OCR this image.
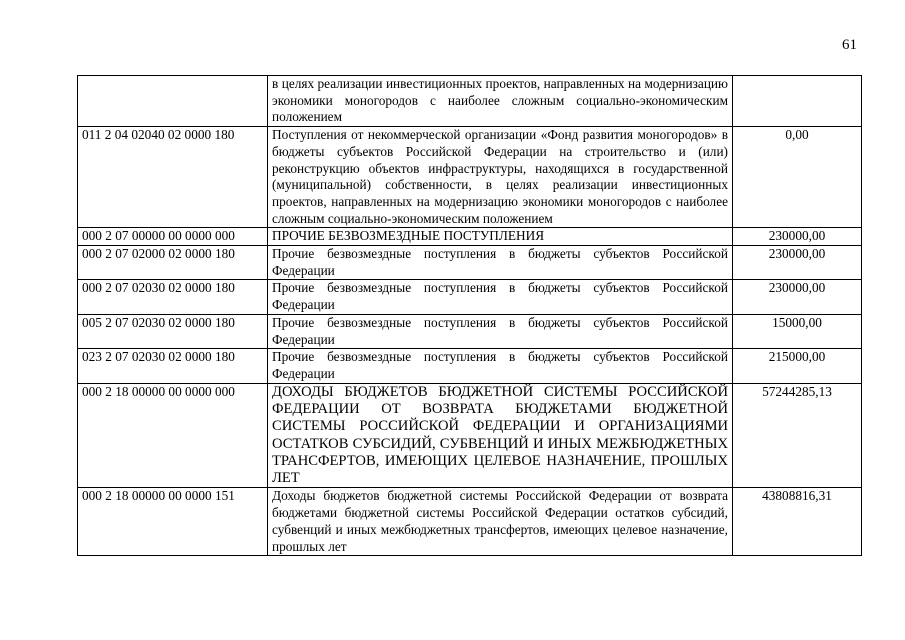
61
	в целях реализации инвестиционных проектов, направленных на модернизацию экономики моногородов с наиболее сложным социально-экономическим положением	
011 2 04 02040 02 0000 180	Поступления от некоммерческой организации «Фонд развития моногородов» в бюджеты субъектов Российской Федерации на строительство и (или) реконструкцию объектов инфраструктуры, находящихся в государственной (муниципальной) собственности, в целях реализации инвестиционных проектов, направленных на модернизацию экономики моногородов с наиболее сложным социально-экономическим положением	0,00
000 2 07 00000 00 0000 000	ПРОЧИЕ БЕЗВОЗМЕЗДНЫЕ ПОСТУПЛЕНИЯ	230000,00
000 2 07 02000 02 0000 180	Прочие безвозмездные поступления в бюджеты субъектов Российской Федерации	230000,00
000 2 07 02030 02 0000 180	Прочие безвозмездные поступления в бюджеты субъектов Российской Федерации	230000,00
005 2 07 02030 02 0000 180	Прочие безвозмездные поступления в бюджеты субъектов Российской Федерации	15000,00
023 2 07 02030 02 0000 180	Прочие безвозмездные поступления в бюджеты субъектов Российской Федерации	215000,00
000 2 18 00000 00 0000 000	ДОХОДЫ БЮДЖЕТОВ БЮДЖЕТНОЙ СИСТЕМЫ РОССИЙСКОЙ ФЕДЕРАЦИИ ОТ ВОЗВРАТА БЮДЖЕТАМИ БЮДЖЕТНОЙ СИСТЕМЫ РОССИЙСКОЙ ФЕДЕРАЦИИ И ОРГАНИЗАЦИЯМИ ОСТАТКОВ СУБСИДИЙ, СУБВЕНЦИЙ И ИНЫХ МЕЖБЮДЖЕТНЫХ ТРАНСФЕРТОВ, ИМЕЮЩИХ ЦЕЛЕВОЕ НАЗНАЧЕНИЕ, ПРОШЛЫХ ЛЕТ	57244285,13
000 2 18 00000 00 0000 151	Доходы бюджетов бюджетной системы Российской Федерации от возврата бюджетами бюджетной системы Российской Федерации остатков субсидий, субвенций и иных межбюджетных трансфертов, имеющих целевое назначение, прошлых лет	43808816,31
